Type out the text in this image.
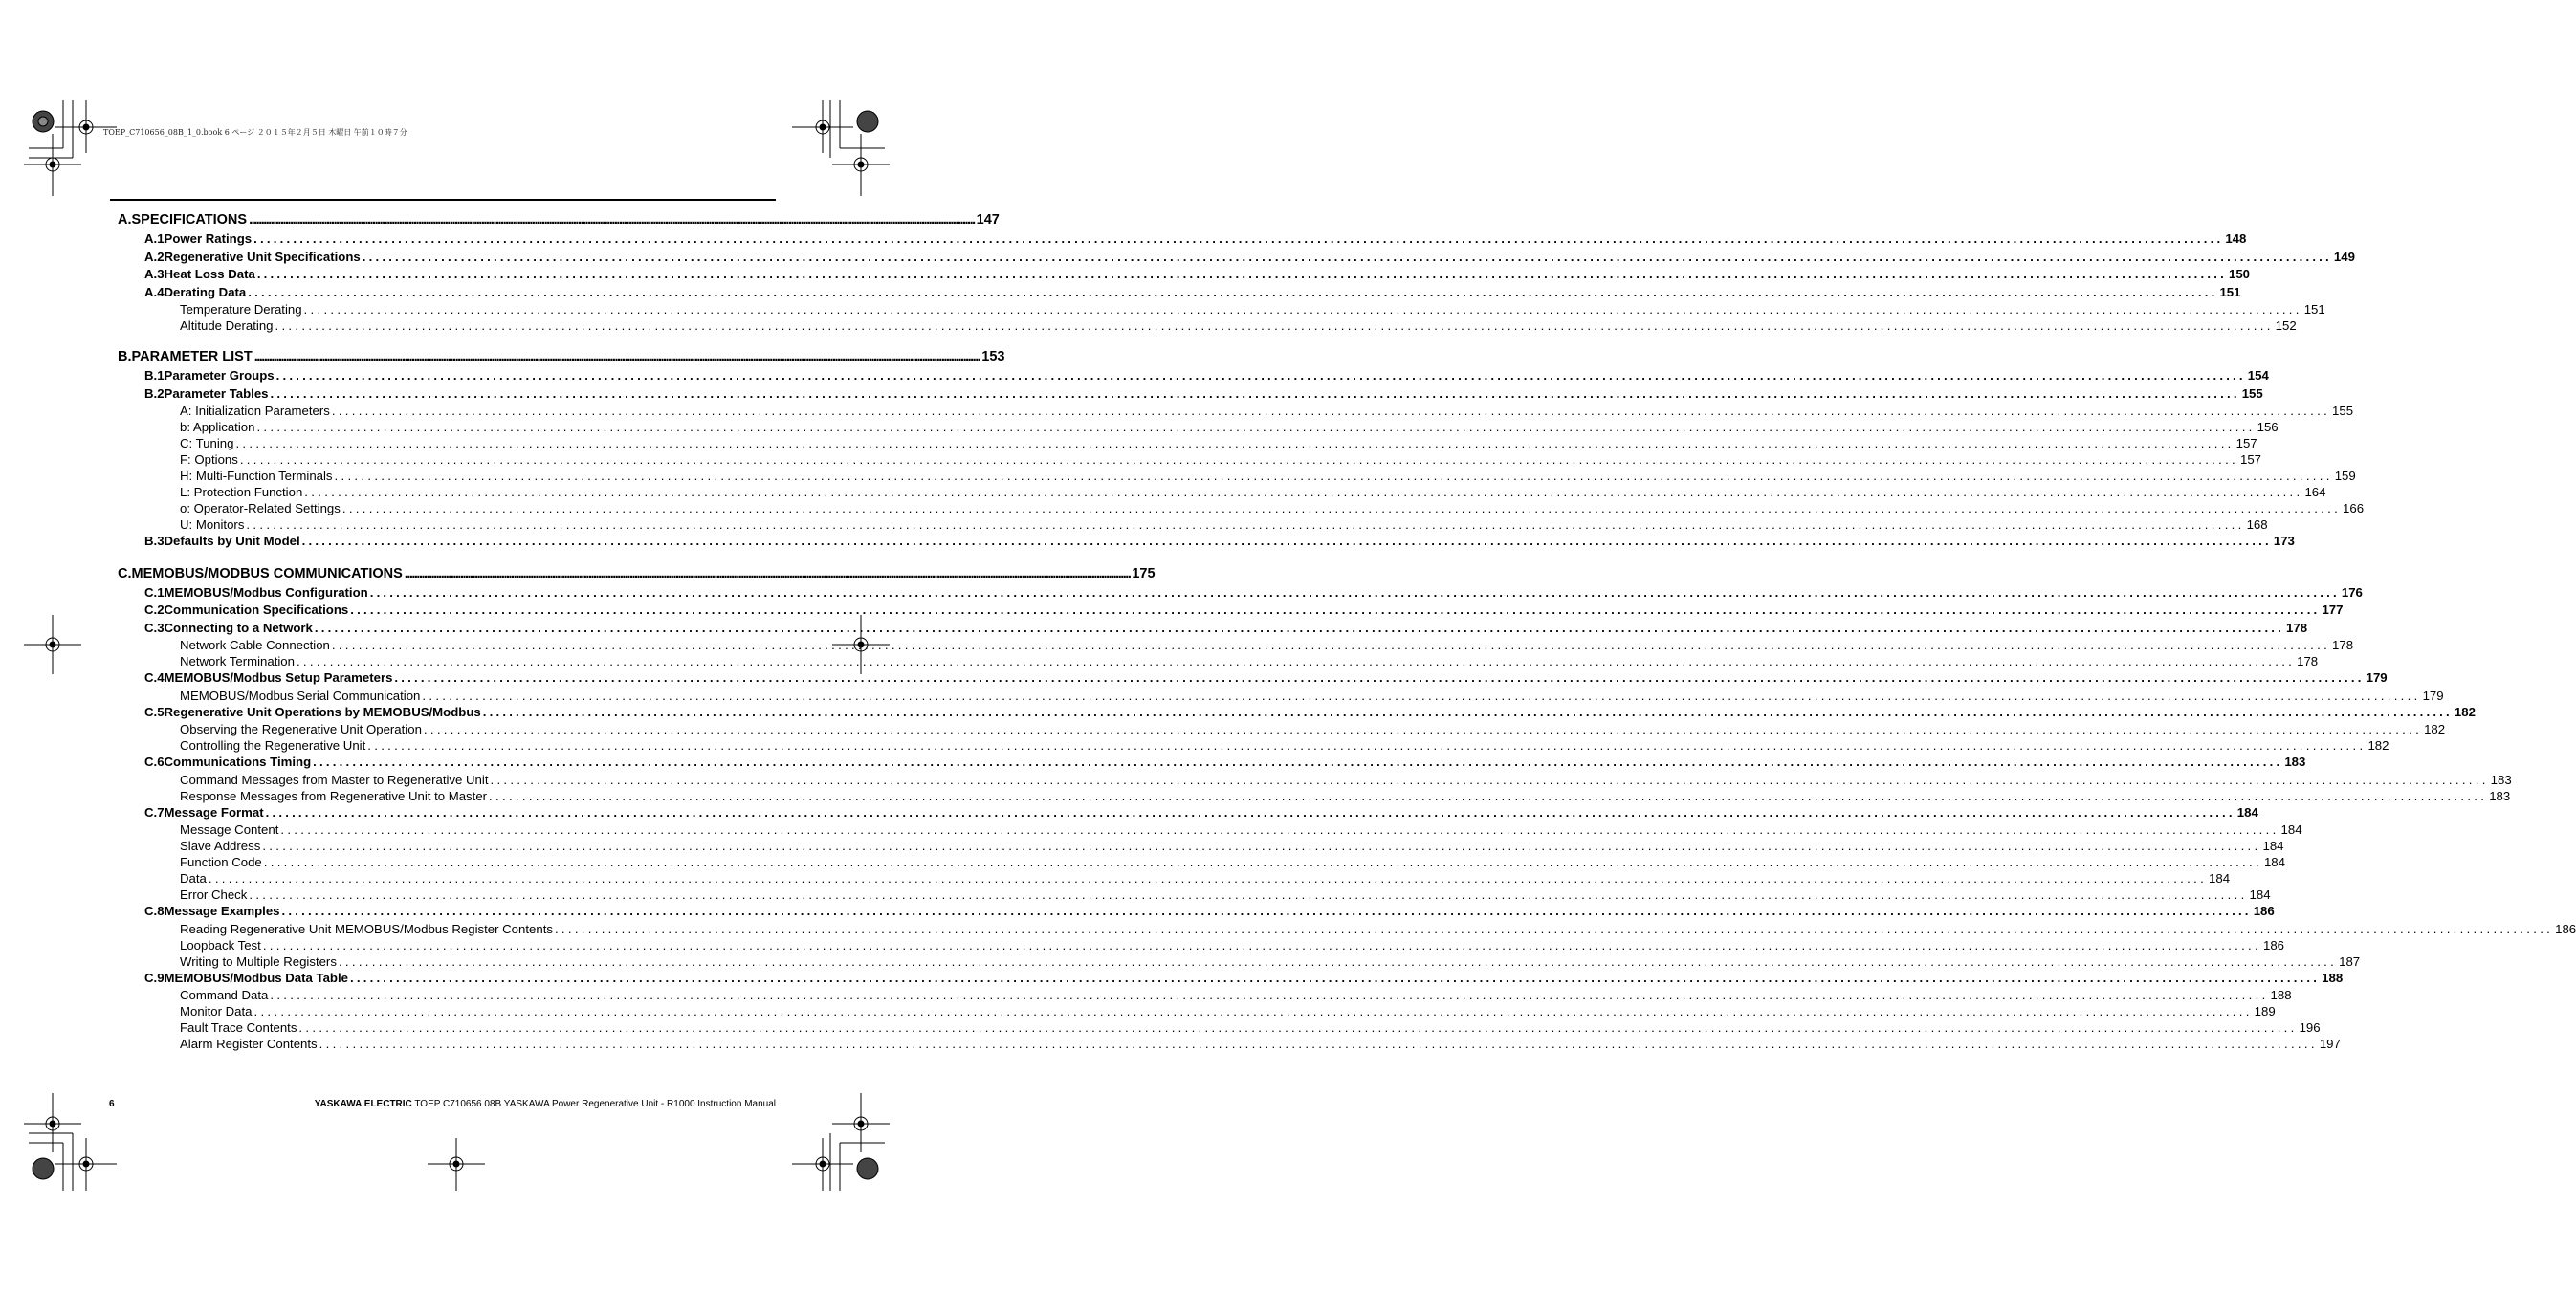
TOEP_C710656_08B_1_0.book 6 ページ ２０１５年２月５日 木曜日 午前１０時７分
A. SPECIFICATIONS ............................................................................................................................................................................................................................................................................................................ 147
A.1 Power Ratings ............................................................................................................................................................................................................................................................................................................ 148
A.2 Regenerative Unit Specifications ............................................................................................................................................................................................................................................................................................................ 149
A.3 Heat Loss Data ............................................................................................................................................................................................................................................................................................................ 150
A.4 Derating Data ............................................................................................................................................................................................................................................................................................................ 151
Temperature Derating ............................................................................................................................................................................................................................................................................................................ 151
Altitude Derating ............................................................................................................................................................................................................................................................................................................ 152
B. PARAMETER LIST ............................................................................................................................................................................................................................................................................................................ 153
B.1 Parameter Groups ............................................................................................................................................................................................................................................................................................................ 154
B.2 Parameter Tables ............................................................................................................................................................................................................................................................................................................ 155
A: Initialization Parameters ............................................................................................................................................................................................................................................................................................................ 155
b: Application ............................................................................................................................................................................................................................................................................................................ 156
C: Tuning ............................................................................................................................................................................................................................................................................................................ 157
F: Options ............................................................................................................................................................................................................................................................................................................ 157
H: Multi-Function Terminals ............................................................................................................................................................................................................................................................................................................ 159
L: Protection Function ............................................................................................................................................................................................................................................................................................................ 164
o: Operator-Related Settings ............................................................................................................................................................................................................................................................................................................ 166
U: Monitors ............................................................................................................................................................................................................................................................................................................ 168
B.3 Defaults by Unit Model ............................................................................................................................................................................................................................................................................................................ 173
C. MEMOBUS/MODBUS COMMUNICATIONS ............................................................................................................................................................................................................................................................................................................ 175
C.1 MEMOBUS/Modbus Configuration ............................................................................................................................................................................................................................................................................................................ 176
C.2 Communication Specifications ............................................................................................................................................................................................................................................................................................................ 177
C.3 Connecting to a Network ............................................................................................................................................................................................................................................................................................................ 178
Network Cable Connection ............................................................................................................................................................................................................................................................................................................ 178
Network Termination ............................................................................................................................................................................................................................................................................................................ 178
C.4 MEMOBUS/Modbus Setup Parameters ............................................................................................................................................................................................................................................................................................................ 179
MEMOBUS/Modbus Serial Communication ............................................................................................................................................................................................................................................................................................................ 179
C.5 Regenerative Unit Operations by MEMOBUS/Modbus ............................................................................................................................................................................................................................................................................................................ 182
Observing the Regenerative Unit Operation ............................................................................................................................................................................................................................................................................................................ 182
Controlling the Regenerative Unit ............................................................................................................................................................................................................................................................................................................ 182
C.6 Communications Timing ............................................................................................................................................................................................................................................................................................................ 183
Command Messages from Master to Regenerative Unit ............................................................................................................................................................................................................................................................................................................ 183
Response Messages from Regenerative Unit to Master ............................................................................................................................................................................................................................................................................................................ 183
C.7 Message Format ............................................................................................................................................................................................................................................................................................................ 184
Message Content ............................................................................................................................................................................................................................................................................................................ 184
Slave Address ............................................................................................................................................................................................................................................................................................................ 184
Function Code ............................................................................................................................................................................................................................................................................................................ 184
Data ............................................................................................................................................................................................................................................................................................................ 184
Error Check ............................................................................................................................................................................................................................................................................................................ 184
C.8 Message Examples ............................................................................................................................................................................................................................................................................................................ 186
Reading Regenerative Unit MEMOBUS/Modbus Register Contents ............................................................................................................................................................................................................................................................................................................ 186
Loopback Test ............................................................................................................................................................................................................................................................................................................ 186
Writing to Multiple Registers ............................................................................................................................................................................................................................................................................................................ 187
C.9 MEMOBUS/Modbus Data Table ............................................................................................................................................................................................................................................................................................................ 188
Command Data ............................................................................................................................................................................................................................................................................................................ 188
Monitor Data ............................................................................................................................................................................................................................................................................................................ 189
Fault Trace Contents ............................................................................................................................................................................................................................................................................................................ 196
Alarm Register Contents ............................................................................................................................................................................................................................................................................................................ 197
6	YASKAWA ELECTRIC TOEP C710656 08B YASKAWA Power Regenerative Unit - R1000 Instruction Manual
